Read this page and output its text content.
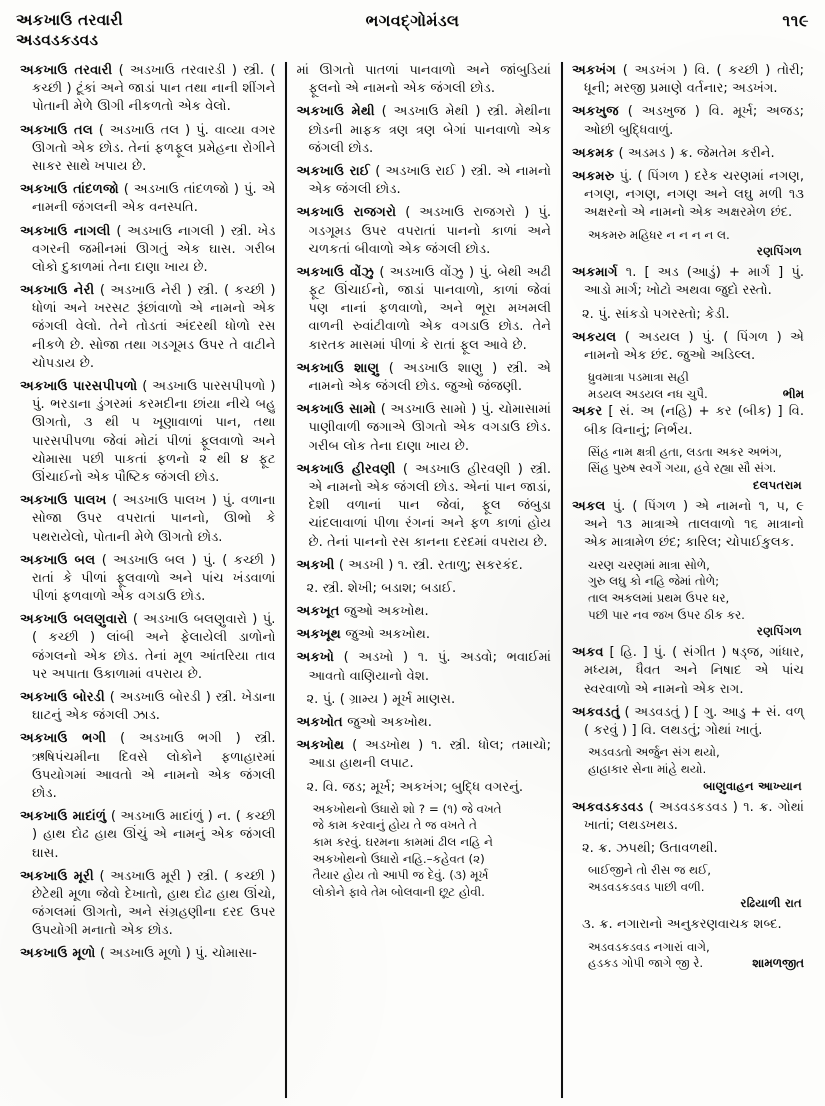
અકખાઉ તરવારી
અડવડકડવડ
ભગવદ્ગોમંડલ	૧૧૯

અકખાઉ તરવારી ( અડખાઉ તરવારડી ) સ્ત્રી. ( કચ્છી ) ટૂંકાં અને જાડાં પાન તથા નાની શીંગને પોતાની મેળે ઊગી નીકળતો એક વેલો.

અકખાઉ તલ ( અડખાઉ તલ ) પું. વાવ્યા વગર ઊગતો એક છોડ. તેનાં ફળફૂલ પ્રમેહના રોગીને સાકર સાથે ખપાય છે.

અકખાઉ તાંદળજો ( અડખાઉ તાંદળજો ) પું. એ નામની જંગલની એક વનસ્પતિ.

અકખાઉ નાગલી ( અડખાઉ નાગલી ) સ્ત્રી. ખેડ વગરની જમીનમાં ઊગતું એક ઘાસ. ગરીબ લોકો દુકાળમાં તેના દાણા ખાય છે.

અકખાઉ નેરી ( અડખાઉ નેરી ) સ્ત્રી. ( કચ્છી ) ધોળાં અને ખરસટ રૂંછાંવાળો એ નામનો એક જંગલી વેલો. તેને તોડતાં અંદરથી ધોળો રસ નીકળે છે. સોજા તથા ગડગૂમડ ઉપર તે વાટીને ચોપડાય છે.

અકખાઉ પારસપીપળો ( અડખાઉ પારસપીપળો ) પું. ભરડાના ડુંગરમાં કરમદીના છાંયા નીચે બહુ ઊગતો, ૩ થી ૫ ખૂણાવાળાં પાન, તથા પારસપીપળા જેવાં મોટાં પીળાં ફૂલવાળો અને ચોમાસા પછી પાકતાં ફળનો ૨ થી ૪ ફૂટ ઊંચાઈનો એક પૌષ્ટિક જંગલી છોડ.

અકખાઉ પાલખ ( અડખાઉ પાલખ ) પું. વળાના સોજા ઉપર વપરાતાં પાનનો, ઊભો કે પથરાયેલો, પોતાની મેળે ઊગતો છોડ.

અકખાઉ બલ ( અડખાઉ બલ ) પું. ( કચ્છી ) રાતાં કે પીળાં ફૂલવાળો અને પાંચ ખંડવાળાં પીળાં ફળવાળો એક વગડાઉ છોડ.

અકખાઉ બલણુવારો ( અડખાઉ બલણુવારો ) પું. ( કચ્છી ) લાંબી અને ફેલાયેલી ડાળોનો જંગલનો એક છોડ. તેનાં મૂળ આંતરિયા તાવ પર અપાતા ઉકાળામાં વપરાય છે.

અકખાઉ બોરડી ( અડખાઉ બોરડી ) સ્ત્રી. ખેડાના ઘાટનું એક જંગલી ઝાડ.

અકખાઉ ભગી ( અડખાઉ ભગી ) સ્ત્રી. ઋષિપંચમીના દિવસે લોકોને ફળાહારમાં ઉપયોગમાં આવતો એ નામનો એક જંગલી છોડ.

અકખાઉ માદાંળું ( અડખાઉ માદાંળું ) ન. ( કચ્છી ) હાથ દોઢ હાથ ઊંચું એ નામનું એક જંગલી ઘાસ.

અકખાઉ મૂરી ( અડખાઉ મૂરી ) સ્ત્રી. ( કચ્છી ) છેટેથી મૂળા જેવો દેખાતો, હાથ દોઢ હાથ ઊંચો, જંગલમાં ઊગતો, અને સંગ્રહણીના દરદ ઉપર ઉપયોગી મનાતો એક છોડ.

અકખાઉ મૂળો ( અડખાઉ મૂળો ) પું. ચોમાસા-

માં ઊગતો પાતળાં પાનવાળો અને જાંબુડિયાં ફૂલનો એ નામનો એક જંગલી છોડ.

અકખાઉ મેથી ( અડખાઉ મેથી ) સ્ત્રી. મેથીના છોડની માફક ત્રણ ત્રણ બેગાં પાનવાળો એક જંગલી છોડ.

અકખાઉ રાઈ ( અડખાઉ રાઈ ) સ્ત્રી. એ નામનો એક જંગલી છોડ.

અકખાઉ રાજગરો ( અડખાઉ રાજગરો ) પું. ગડગૂમડ ઉપર વપરાતાં પાનનો કાળાં અને ચળકતાં બીવાળો એક જંગલી છોડ.

અકખાઉ વોંઝુ ( અડખાઉ વોંઝુ ) પું. બેથી અઢી ફૂટ ઊંચાઈનો, જાડાં પાનવાળો, કાળાં જેવાં પણ નાનાં ફળવાળો, અને ભૂરા મખમલી વાળની રુવાંટીવાળો એક વગડાઉ છોડ. તેને કારતક માસમાં પીળાં કે રાતાં ફૂલ આવે છે.

અકખાઉ શાણુ ( અડખાઉ શાણુ ) સ્ત્રી. એ નામનો એક જંગલી છોડ. જુઓ જંજણી.

અકખાઉ સામો ( અડખાઉ સામો ) પું. ચોમાસામાં પાણીવાળી જગાએ ઊગતો એક વગડાઉ છોડ. ગરીબ લોક તેના દાણા ખાય છે.

અકખાઉ હીરવણી ( અડખાઉ હીરવણી ) સ્ત્રી. એ નામનો એક જંગલી છોડ. એનાં પાન જાડાં, દેશી વળાનાં પાન જેવાં, ફૂલ જંબુડા ચાંદલાવાળાં પીળા રંગનાં અને ફળ કાળાં હોય છે. તેનાં પાનનો રસ કાનના દરદમાં વપરાય છે.

અકખી ( અડખી ) ૧. સ્ત્રી. રતાળુ; સકરકંદ.

૨. સ્ત્રી. શેખી; બડાશ; બડાઈ.

અકખૂત જુઓ અકખોથ.

અકખૂથ જુઓ અકખોથ.

અકખો ( અડખો ) ૧. પું. અડવો; ભવાઈમાં આવતો વાણિયાનો વેશ.

૨. પું. ( ગ્રામ્ય ) મૂર્ખ માણસ.

અકખોત જુઓ અકખોથ.

અકખોથ ( અડખોથ ) ૧. સ્ત્રી. ધોલ; તમાચો; આડા હાથની લપાટ.

૨. વિ. જડ; મૂર્ખ; અકખંગ; બુદ્ધિ વગરનું.

અકખોથનો ઉધારો શો ? = (૧) જે વખતે
જે કામ કરવાનું હોય તે જ વખતે તે
કામ કરવું. ઘરમના કામમાં ઢીલ નહિ ને
અકખોથનો ઉધારો નહિ.–કહેવત (૨)
તૈયાર હોય તો આપી જ દેવું. (૩) મૂર્ખ
લોકોને ફાવે તેમ બોલવાની છૂટ હોવી.

અકખંગ ( અડખંગ ) વિ. ( કચ્છી ) તોરી; ધૂની; મરજી પ્રમાણે વર્તનાર; અડખંગ.

અકખુજ ( અડખુજ ) વિ. મૂર્ખ; અજડ; ઓછી બુદ્ધિવાળું.

અકમક ( અડમડ ) ક્ર. જેમતેમ કરીને.

અકમરુ પું. ( પિંગળ ) દરેક ચરણમાં નગણ, નગણ, નગણ, નગણ અને લઘુ મળી ૧૩ અક્ષરનો એ નામનો એક અક્ષરમેળ છંદ.

અકમરુ મહિધર ન ન ન ન લ.
રણપિંગળ

અકમાર્ગ ૧. [ અડ (આડું) + માર્ગ ] પું. આડો માર્ગ; ખોટો અથવા જુદો રસ્તો.

૨. પું. સાંકડો પગરસ્તો; કેડી.

અકયલ ( અડયલ ) પું. ( પિંગળ ) એ નામનો એક છંદ. જુઓ અડિલ્લ.

ધ્રુવમાત્રા પડમાત્રા સહી
મડયલ અડયલ નધ ચુપૈ.	ભીમ

અકર [ સં. અ (નહિ) + કર (બીક) ] વિ. બીક વિનાનું; નિર્ભય.

સિંહ નામ ક્ષત્રી હતા, લડતા અકર અભંગ,
સિંહ પુરુષ સ્વર્ગે ગયા, હવે રહ્યા સૌ સંગ.
દલપતરામ

અકલ પું. ( પિંગળ ) એ નામનો ૧, ૫, ૯ અને ૧૩ માત્રાએ તાલવાળો ૧૬ માત્રાનો એક માત્રામેળ છંદ; કારિલ; ચોપાઈકુલક.

ચરણ ચરણમાં માત્રા સોળે,
ગુરુ લઘુ કો નહિ જેમાં તોળે;
તાલ અકલમાં પ્રથમ ઉપર ધર,
પછી પાર નવ જખ ઉપર ઠીક કર.
રણપિંગળ

અકવ [ હિ. ] પું. ( સંગીત ) ષડ્જ, ગાંધાર, મધ્યમ, ધૈવત અને નિષાદ એ પાંચ સ્વરવાળો એ નામનો એક રાગ.

અકવડતું ( અડવડતું ) [ ગુ. આડુ + સં. વળ્ ( કરવું ) ] વિ. લથડતું; ગોથાં ખાતું.

અડવડતો અર્જુન સંગ થયો,
હાહાકાર સેના માંહે થયો.
બાણુવાહન આખ્યાન

અકવડકડવડ ( અડવડકડવડ ) ૧. ક્ર. ગોથાં ખાતાં; લથડખથડ.

૨. ક્ર. ઝપથી; ઉતાવળથી.

બાઈજીને તો રીસ જ થઈ,
અડવડકડવડ પાછી વળી.
રઢિયાળી રાત

૩. ક્ર. નગારાનો અનુકરણવાચક શબ્દ.

અડવડકડવડ નગારાં વાગે,
હડકડ ગોપી જાગે જી રે.	શામળજીત
